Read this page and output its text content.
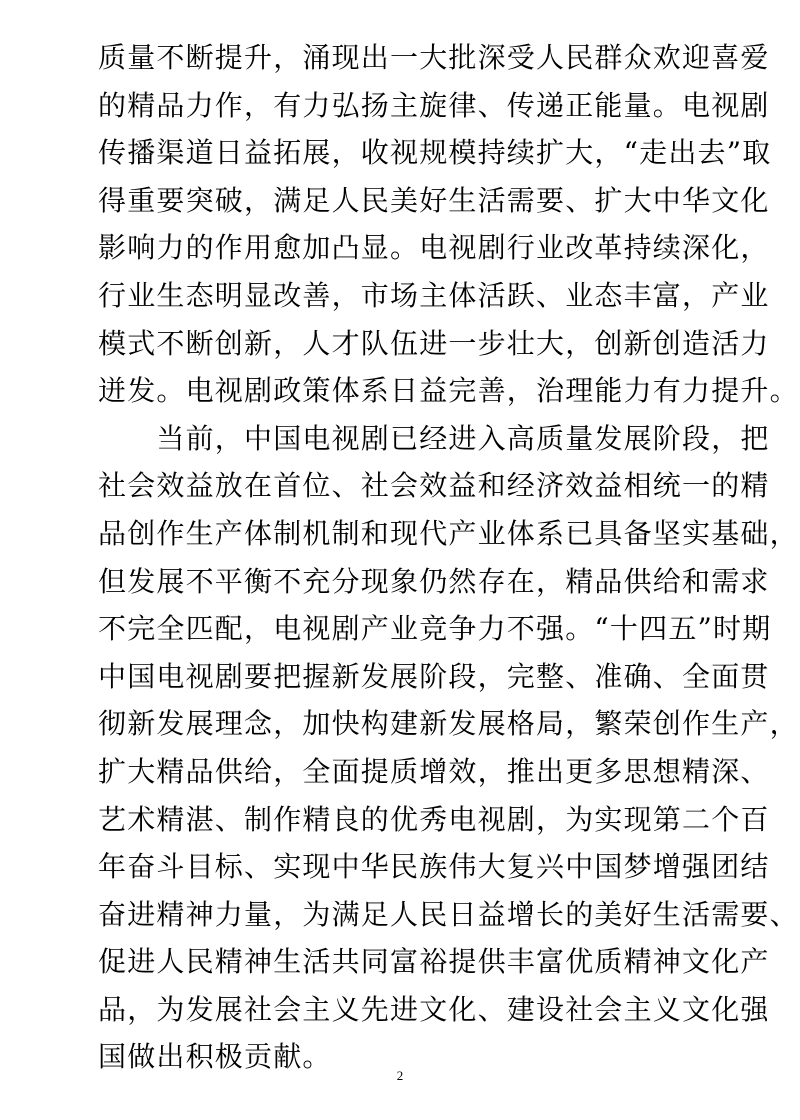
质量不断提升，涌现出一大批深受人民群众欢迎喜爱
的精品力作，有力弘扬主旋律、传递正能量。电视剧
传播渠道日益拓展，收视规模持续扩大，“走出去”取
得重要突破，满足人民美好生活需要、扩大中华文化
影响力的作用愈加凸显。电视剧行业改革持续深化，
行业生态明显改善，市场主体活跃、业态丰富，产业
模式不断创新，人才队伍进一步壮大，创新创造活力
迸发。电视剧政策体系日益完善，治理能力有力提升。
　　当前，中国电视剧已经进入高质量发展阶段，把
社会效益放在首位、社会效益和经济效益相统一的精
品创作生产体制机制和现代产业体系已具备坚实基础，
但发展不平衡不充分现象仍然存在，精品供给和需求
不完全匹配，电视剧产业竞争力不强。“十四五”时期
中国电视剧要把握新发展阶段，完整、准确、全面贯
彻新发展理念，加快构建新发展格局，繁荣创作生产，
扩大精品供给，全面提质增效，推出更多思想精深、
艺术精湛、制作精良的优秀电视剧，为实现第二个百
年奋斗目标、实现中华民族伟大复兴中国梦增强团结
奋进精神力量，为满足人民日益增长的美好生活需要、
促进人民精神生活共同富裕提供丰富优质精神文化产
品，为发展社会主义先进文化、建设社会主义文化强
国做出积极贡献。
2
